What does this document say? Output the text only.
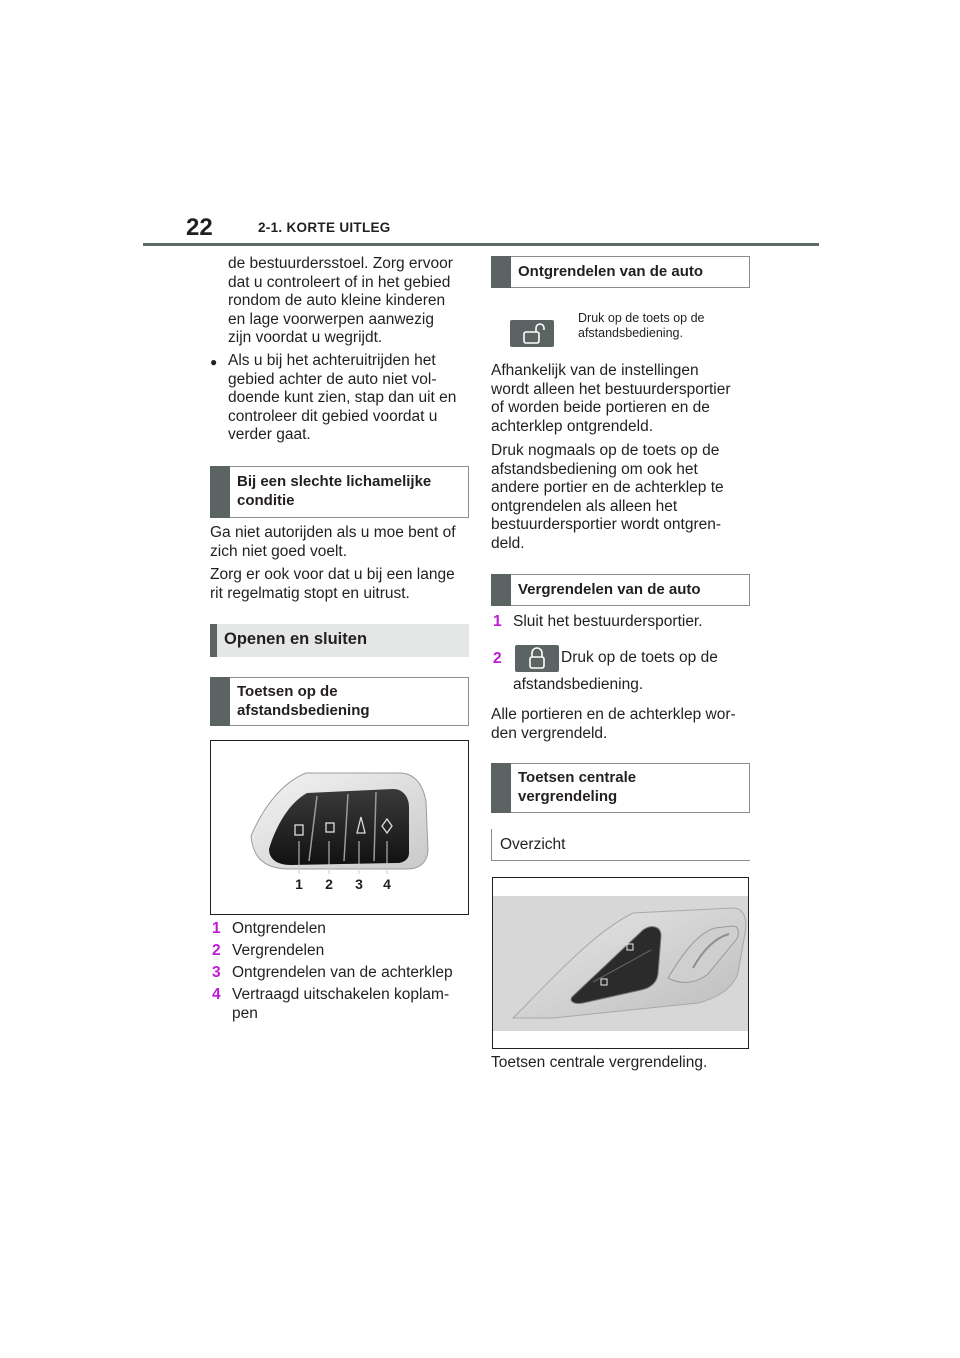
22	2-1. KORTE UITLEG

de bestuurdersstoel. Zorg ervoor

dat u controleert of in het gebied

rondom de auto kleine kinderen

en lage voorwerpen aanwezig

zijn voordat u wegrijdt.

● Als u bij het achteruitrijden het

gebied achter de auto niet vol-

doende kunt zien, stap dan uit en

controleer dit gebied voordat u

verder gaat.

Bij een slechte lichamelijke
conditie

Ga niet autorijden als u moe bent of

zich niet goed voelt.

Zorg er ook voor dat u bij een lange

rit regelmatig stopt en uitrust.

Openen en sluiten
Toetsen op de
afstandsbediening
1 2 3 4
1 Ontgrendelen
2 Vergrendelen
3 Ontgrendelen van de achterklep
4 Vertraagd uitschakelen koplam-
pen
Ontgrendelen van de auto
Druk op de toets op de
afstandsbediening.

Afhankelijk van de instellingen

wordt alleen het bestuurdersportier

of worden beide portieren en de

achterklep ontgrendeld.

Druk nogmaals op de toets op de

afstandsbediening om ook het

andere portier en de achterklep te

ontgrendelen als alleen het

bestuurdersportier wordt ontgren-

deld.

Vergrendelen van de auto
1 Sluit het bestuurdersportier.
2	Druk op de toets op de
afstandsbediening.

Alle portieren en de achterklep wor-

den vergrendeld.

Toetsen centrale
vergrendeling
Overzicht
Toetsen centrale vergrendeling.
